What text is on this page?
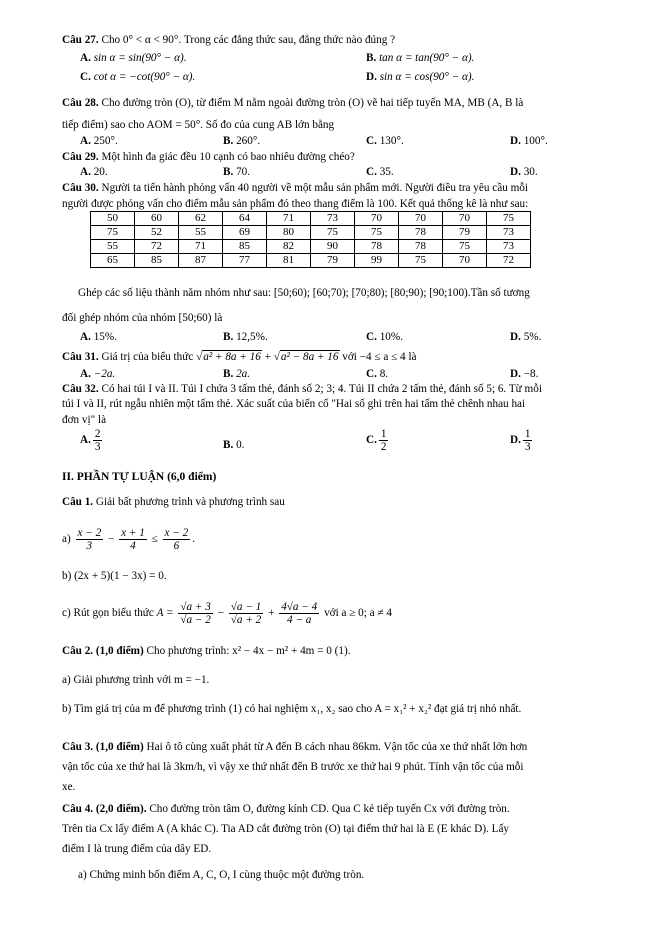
Câu 27. Cho 0° < α < 90°. Trong các đẳng thức sau, đẳng thức nào đúng ?
A. sin α = sin(90° − α).	B. tan α = tan(90° − α).
C. cot α = −cot(90° − α).	D. sin α = cos(90° − α).
Câu 28. Cho đường tròn (O), từ điểm M nằm ngoài đường tròn (O) vẽ hai tiếp tuyến MA, MB (A, B là
tiếp điểm) sao cho AOM = 50°. Số đo của cung AB lớn bằng
A. 250°.	B. 260°.	C. 130°.	D. 100°.
Câu 29. Một hình đa giác đều 10 cạnh có bao nhiêu đường chéo?
A. 20.	B. 70.	C. 35.	D. 30.
Câu 30. Người ta tiến hành phỏng vấn 40 người về một mẫu sản phẩm mới. Người điều tra yêu cầu mỗi
người được phỏng vấn cho điểm mẫu sản phẩm đó theo thang điểm là 100. Kết quả thống kê là như sau:
50	60	62	64	71	73	70	70	70	75
75	52	55	69	80	75	75	78	79	73
55	72	71	85	82	90	78	78	75	73
65	85	87	77	81	79	99	75	70	72
Ghép các số liệu thành năm nhóm như sau: [50;60); [60;70); [70;80); [80;90); [90;100).Tần số tương
đối ghép nhóm của nhóm [50;60) là
A. 15%.	B. 12,5%.	C. 10%.	D. 5%.
Câu 31. Giá trị của biểu thức √a² + 8a + 16 + √a² − 8a + 16 với −4 ≤ a ≤ 4 là
A. −2a.	B. 2a.	C. 8.	D. −8.
Câu 32. Có hai túi I và II. Túi I chứa 3 tấm thẻ, đánh số 2; 3; 4. Túi II chứa 2 tấm thẻ, đánh số 5; 6. Từ mỗi
túi I và II, rút ngẫu nhiên một tấm thẻ. Xác suất của biến cố "Hai số ghi trên hai tấm thẻ chênh nhau hai
đơn vị" là
A. $\frac{2}{3}$	B. 0.	C. $\frac{1}{2}$	D. $\frac{1}{3}$
II. PHẦN TỰ LUẬN (6,0 điểm)
Câu 1. Giải bất phương trình và phương trình sau
$a) \frac{x - 2}{3} - \frac{x + 1}{4} \le \frac{x - 2}{6}$ .
b) (2x + 5)(1 − 3x) = 0.
c) Rút gọn biểu thức $A = \frac{√a + 3}{√a - 2} - \frac{√a - 1}{√a + 2} + \frac{4√a - 4}{4 - a}$ với a ≥ 0; a ≠ 4
Câu 2. (1,0 điểm) Cho phương trình: x² − 4x − m² + 4m = 0 (1).
a) Giải phương trình với m = −1.
b) Tìm giá trị của m để phương trình (1) có hai nghiệm x₁, x₂ sao cho A = x₁² + x₂² đạt giá trị nhỏ nhất.
Câu 3. (1,0 điểm) Hai ô tô cùng xuất phát từ A đến B cách nhau 86km. Vận tốc của xe thứ nhất lớn hơn
vận tốc của xe thứ hai là 3km/h, vì vậy xe thứ nhất đến B trước xe thứ hai 9 phút. Tính vận tốc của mỗi
xe.
Câu 4. (2,0 điểm). Cho đường tròn tâm O, đường kính CD. Qua C kẻ tiếp tuyến Cx với đường tròn.
Trên tia Cx lấy điểm A (A khác C). Tia AD cắt đường tròn (O) tại điểm thứ hai là E (E khác D). Lấy
điểm I là trung điểm của dây ED.
a) Chứng minh bốn điểm A, C, O, I cùng thuộc một đường tròn.
